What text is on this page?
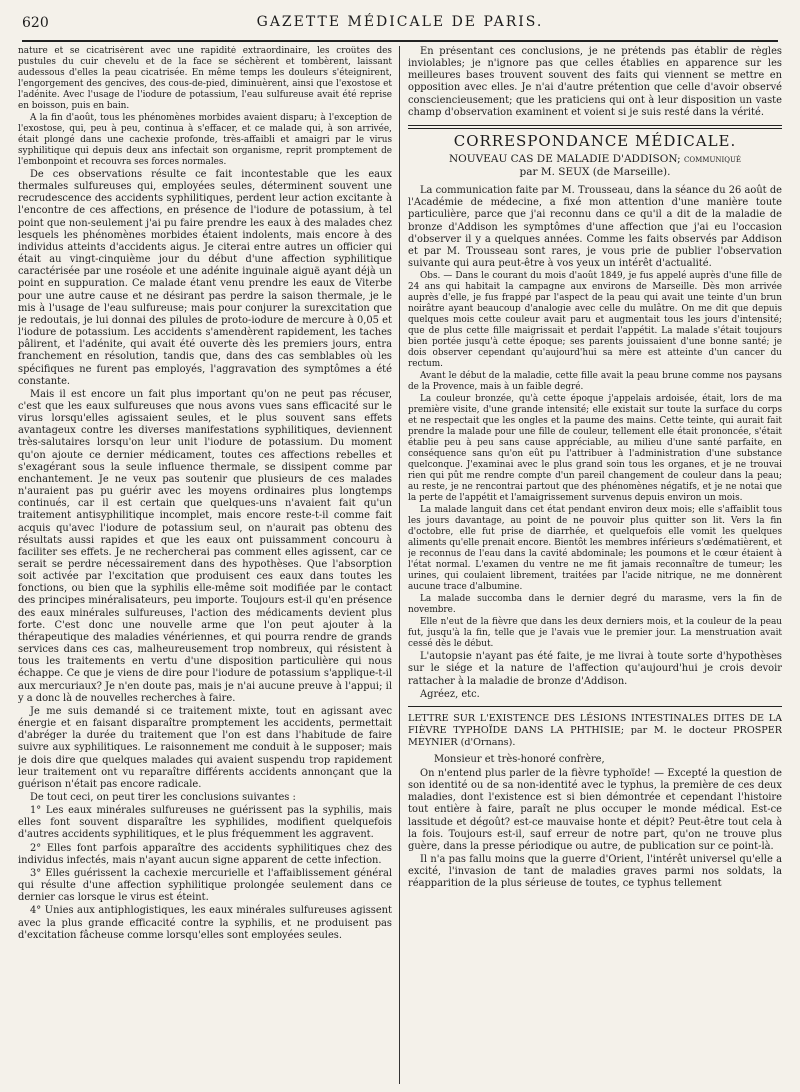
620	GAZETTE MÉDICALE DE PARIS.

nature et se cicatrisèrent avec une rapidité extraordinaire, les croûtes des pustules du cuir chevelu et de la face se séchèrent et tombèrent, laissant audessous d'elles la peau cicatrisée. En même temps les douleurs s'éteignirent, l'engorgement des gencives, des cous-de-pied, diminuèrent, ainsi que l'exostose et l'adénite. Avec l'usage de l'iodure de potassium, l'eau sulfureuse avait été reprise en boisson, puis en bain.

A la fin d'août, tous les phénomènes morbides avaient disparu; à l'exception de l'exostose, qui, peu à peu, continua à s'effacer, et ce malade qui, à son arrivée, était plongé dans une cachexie profonde, très-affaibli et amaigri par le virus syphilitique qui depuis deux ans infectait son organisme, reprit promptement de l'embonpoint et recouvra ses forces normales.

De ces observations résulte ce fait incontestable que les eaux thermales sulfureuses qui, employées seules, déterminent souvent une recrudescence des accidents syphilitiques, perdent leur action excitante à l'encontre de ces affections, en présence de l'iodure de potassium, à tel point que non-seulement j'ai pu faire prendre les eaux à des malades chez lesquels les phénomènes morbides étaient indolents, mais encore à des individus atteints d'accidents aigus. Je citerai entre autres un officier qui était au vingt-cinquième jour du début d'une affection syphilitique caractérisée par une roséole et une adénite inguinale aiguë ayant déjà un point en suppuration. Ce malade étant venu prendre les eaux de Viterbe pour une autre cause et ne désirant pas perdre la saison thermale, je le mis à l'usage de l'eau sulfureuse; mais pour conjurer la surexcitation que je redoutais, je lui donnai des pilules de proto-iodure de mercure à 0,05 et l'iodure de potassium. Les accidents s'amendèrent rapidement, les taches pâlirent, et l'adénite, qui avait été ouverte dès les premiers jours, entra franchement en résolution, tandis que, dans des cas semblables où les spécifiques ne furent pas employés, l'aggravation des symptômes a été constante.

Mais il est encore un fait plus important qu'on ne peut pas récuser, c'est que les eaux sulfureuses que nous avons vues sans efficacité sur le virus lorsqu'elles agissaient seules, et le plus souvent sans effets avantageux contre les diverses manifestations syphilitiques, deviennent très-salutaires lorsqu'on leur unit l'iodure de potassium. Du moment qu'on ajoute ce dernier médicament, toutes ces affections rebelles et s'exagérant sous la seule influence thermale, se dissipent comme par enchantement. Je ne veux pas soutenir que plusieurs de ces malades n'auraient pas pu guérir avec les moyens ordinaires plus longtemps continués, car il est certain que quelques-uns n'avaient fait qu'un traitement antisyphilitique incomplet, mais encore reste-t-il comme fait acquis qu'avec l'iodure de potassium seul, on n'aurait pas obtenu des résultats aussi rapides et que les eaux ont puissamment concouru à faciliter ses effets. Je ne rechercherai pas comment elles agissent, car ce serait se perdre nécessairement dans des hypothèses. Que l'absorption soit activée par l'excitation que produisent ces eaux dans toutes les fonctions, ou bien que la syphilis elle-même soit modifiée par le contact des principes minéralisateurs, peu importe. Toujours est-il qu'en présence des eaux minérales sulfureuses, l'action des médicaments devient plus forte. C'est donc une nouvelle arme que l'on peut ajouter à la thérapeutique des maladies vénériennes, et qui pourra rendre de grands services dans ces cas, malheureusement trop nombreux, qui résistent à tous les traitements en vertu d'une disposition particulière qui nous échappe. Ce que je viens de dire pour l'iodure de potassium s'applique-t-il aux mercuriaux? Je n'en doute pas, mais je n'ai aucune preuve à l'appui; il y a donc là de nouvelles recherches à faire.

Je me suis demandé si ce traitement mixte, tout en agissant avec énergie et en faisant disparaître promptement les accidents, permettait d'abréger la durée du traitement que l'on est dans l'habitude de faire suivre aux syphilitiques. Le raisonnement me conduit à le supposer; mais je dois dire que quelques malades qui avaient suspendu trop rapidement leur traitement ont vu reparaître différents accidents annonçant que la guérison n'était pas encore radicale.

De tout ceci, on peut tirer les conclusions suivantes :

1° Les eaux minérales sulfureuses ne guérissent pas la syphilis, mais elles font souvent disparaître les syphilides, modifient quelquefois d'autres accidents syphilitiques, et le plus fréquemment les aggravent.

2° Elles font parfois apparaître des accidents syphilitiques chez des individus infectés, mais n'ayant aucun signe apparent de cette infection.

3° Elles guérissent la cachexie mercurielle et l'affaiblissement général qui résulte d'une affection syphilitique prolongée seulement dans ce dernier cas lorsque le virus est éteint.

4° Unies aux antiphlogistiques, les eaux minérales sulfureuses agissent avec la plus grande efficacité contre la syphilis, et ne produisent pas d'excitation fâcheuse comme lorsqu'elles sont employées seules.

En présentant ces conclusions, je ne prétends pas établir de règles inviolables; je n'ignore pas que celles établies en apparence sur les meilleures bases trouvent souvent des faits qui viennent se mettre en opposition avec elles. Je n'ai d'autre prétention que celle d'avoir observé consciencieusement; que les praticiens qui ont à leur disposition un vaste champ d'observation examinent et voient si je suis resté dans la vérité.

CORRESPONDANCE MÉDICALE.
NOUVEAU CAS DE MALADIE D'ADDISON; communiqué
par M. SEUX (de Marseille).

La communication faite par M. Trousseau, dans la séance du 26 août de l'Académie de médecine, a fixé mon attention d'une manière toute particulière, parce que j'ai reconnu dans ce qu'il a dit de la maladie de bronze d'Addison les symptômes d'une affection que j'ai eu l'occasion d'observer il y a quelques années. Comme les faits observés par Addison et par M. Trousseau sont rares, je vous prie de publier l'observation suivante qui aura peut-être à vos yeux un intérêt d'actualité.

Obs. — Dans le courant du mois d'août 1849, je fus appelé auprès d'une fille de 24 ans qui habitait la campagne aux environs de Marseille. Dès mon arrivée auprès d'elle, je fus frappé par l'aspect de la peau qui avait une teinte d'un brun noirâtre ayant beaucoup d'analogie avec celle du mulâtre. On me dit que depuis quelques mois cette couleur avait paru et augmentait tous les jours d'intensité; que de plus cette fille maigrissait et perdait l'appétit. La malade s'était toujours bien portée jusqu'à cette époque; ses parents jouissaient d'une bonne santé; je dois observer cependant qu'aujourd'hui sa mère est atteinte d'un cancer du rectum.

Avant le début de la maladie, cette fille avait la peau brune comme nos paysans de la Provence, mais à un faible degré.

La couleur bronzée, qu'à cette époque j'appelais ardoisée, était, lors de ma première visite, d'une grande intensité; elle existait sur toute la surface du corps et ne respectait que les ongles et la paume des mains. Cette teinte, qui aurait fait prendre la malade pour une fille de couleur, tellement elle était prononcée, s'était établie peu à peu sans cause appréciable, au milieu d'une santé parfaite, en conséquence sans qu'on eût pu l'attribuer à l'administration d'une substance quelconque. J'examinai avec le plus grand soin tous les organes, et je ne trouvai rien qui pût me rendre compte d'un pareil changement de couleur dans la peau; au reste, je ne rencontrai partout que des phénomènes négatifs, et je ne notai que la perte de l'appétit et l'amaigrissement survenus depuis environ un mois.

La malade languit dans cet état pendant environ deux mois; elle s'affaiblit tous les jours davantage, au point de ne pouvoir plus quitter son lit. Vers la fin d'octobre, elle fut prise de diarrhée, et quelquefois elle vomit les quelques aliments qu'elle prenait encore. Bientôt les membres inférieurs s'œdématièrent, et je reconnus de l'eau dans la cavité abdominale; les poumons et le cœur étaient à l'état normal. L'examen du ventre ne me fit jamais reconnaître de tumeur; les urines, qui coulaient librement, traitées par l'acide nitrique, ne me donnèrent aucune trace d'albumine.

La malade succomba dans le dernier degré du marasme, vers la fin de novembre.

Elle n'eut de la fièvre que dans les deux derniers mois, et la couleur de la peau fut, jusqu'à la fin, telle que je l'avais vue le premier jour. La menstruation avait cessé dès le début.

L'autopsie n'ayant pas été faite, je me livrai à toute sorte d'hypothèses sur le siége et la nature de l'affection qu'aujourd'hui je crois devoir rattacher à la maladie de bronze d'Addison.

Agréez, etc.

LETTRE SUR L'EXISTENCE DES LÉSIONS INTESTINALES DITES DE LA FIÈVRE TYPHOÏDE DANS LA PHTHISIE; par M. le docteur PROSPER MEYNIER (d'Ornans).

Monsieur et très-honoré confrère,

On n'entend plus parler de la fièvre typhoïde! — Excepté la question de son identité ou de sa non-identité avec le typhus, la première de ces deux maladies, dont l'existence est si bien démontrée et cependant l'histoire tout entière à faire, paraît ne plus occuper le monde médical. Est-ce lassitude et dégoût? est-ce mauvaise honte et dépit? Peut-être tout cela à la fois. Toujours est-il, sauf erreur de notre part, qu'on ne trouve plus guère, dans la presse périodique ou autre, de publication sur ce point-là.

Il n'a pas fallu moins que la guerre d'Orient, l'intérêt universel qu'elle a excité, l'invasion de tant de maladies graves parmi nos soldats, la réapparition de la plus sérieuse de toutes, ce typhus tellement
